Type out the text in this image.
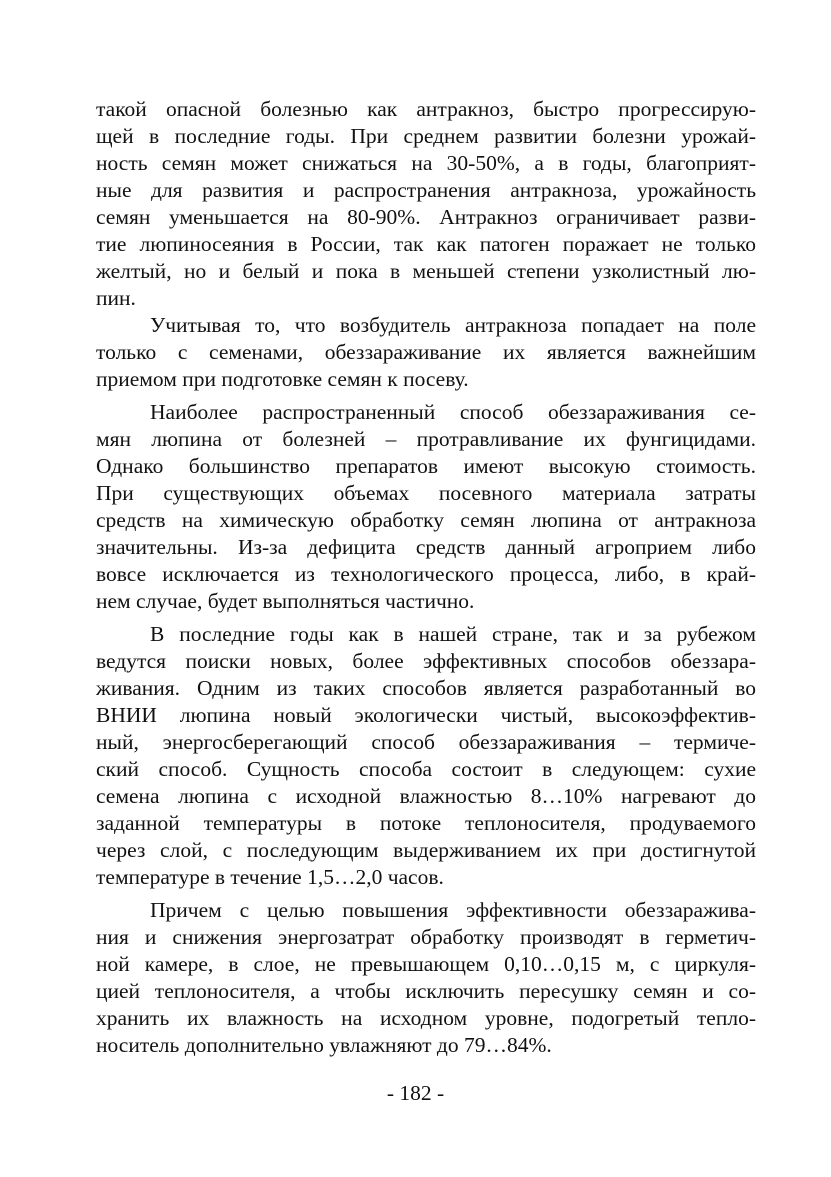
такой опасной болезнью как антракноз, быстро прогрессирую-
щей в последние годы. При среднем развитии болезни урожай-
ность семян может снижаться на 30-50%, а в годы, благоприят-
ные для развития и распространения антракноза, урожайность
семян уменьшается на 80-90%. Антракноз ограничивает разви-
тие люпиносеяния в России, так как патоген поражает не только
желтый, но и белый и пока в меньшей степени узколистный лю-
пин.
Учитывая то, что возбудитель антракноза попадает на поле
только с семенами, обеззараживание их является важнейшим
приемом при подготовке семян к посеву.
Наиболее распространенный способ обеззараживания се-
мян люпина от болезней – протравливание их фунгицидами.
Однако большинство препаратов имеют высокую стоимость.
При существующих объемах посевного материала затраты
средств на химическую обработку семян люпина от антракноза
значительны. Из-за дефицита средств данный агроприем либо
вовсе исключается из технологического процесса, либо, в край-
нем случае, будет выполняться частично.
В последние годы как в нашей стране, так и за рубежом
ведутся поиски новых, более эффективных способов обеззара-
живания. Одним из таких способов является разработанный во
ВНИИ люпина новый экологически чистый, высокоэффектив-
ный, энергосберегающий способ обеззараживания – термиче-
ский способ. Сущность способа состоит в следующем: сухие
семена люпина с исходной влажностью 8…10% нагревают до
заданной температуры в потоке теплоносителя, продуваемого
через слой, с последующим выдерживанием их при достигнутой
температуре в течение 1,5…2,0 часов.
Причем с целью повышения эффективности обеззаражива-
ния и снижения энергозатрат обработку производят в герметич-
ной камере, в слое, не превышающем 0,10…0,15 м, с циркуля-
цией теплоносителя, а чтобы исключить пересушку семян и со-
хранить их влажность на исходном уровне, подогретый тепло-
носитель дополнительно увлажняют до 79…84%.
- 182 -
